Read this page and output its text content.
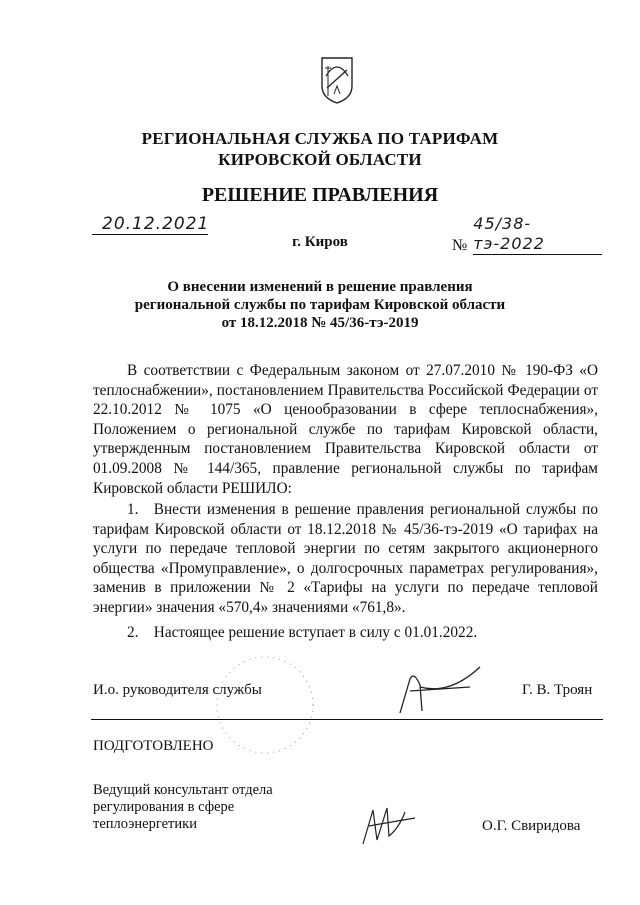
РЕГИОНАЛЬНАЯ СЛУЖБА ПО ТАРИФАМ
КИРОВСКОЙ ОБЛАСТИ
РЕШЕНИЕ ПРАВЛЕНИЯ
20.12.2021
№
45/38-тэ-2022
г. Киров
О внесении изменений в решение правления
региональной службы по тарифам Кировской области
от 18.12.2018 № 45/36-тэ-2019
В соответствии с Федеральным законом от 27.07.2010 № 190-ФЗ «О теплоснабжении», постановлением Правительства Российской Федерации от 22.10.2012 № 1075 «О ценообразовании в сфере теплоснабжения», Положением о региональной службе по тарифам Кировской области, утвержденным постановлением Правительства Кировской области от 01.09.2008 № 144/365, правление региональной службы по тарифам Кировской области РЕШИЛО:
1. Внести изменения в решение правления региональной службы по тарифам Кировской области от 18.12.2018 № 45/36-тэ-2019 «О тарифах на услуги по передаче тепловой энергии по сетям закрытого акционерного общества «Промуправление», о долгосрочных параметрах регулирования», заменив в приложении № 2 «Тарифы на услуги по передаче тепловой энергии» значения «570,4» значениями «761,8».
2. Настоящее решение вступает в силу с 01.01.2022.
И.о. руководителя службы	Г. В. Троян
ПОДГОТОВЛЕНО
Ведущий консультант отдела
регулирования в сфере
теплоэнергетики	О.Г. Свиридова
